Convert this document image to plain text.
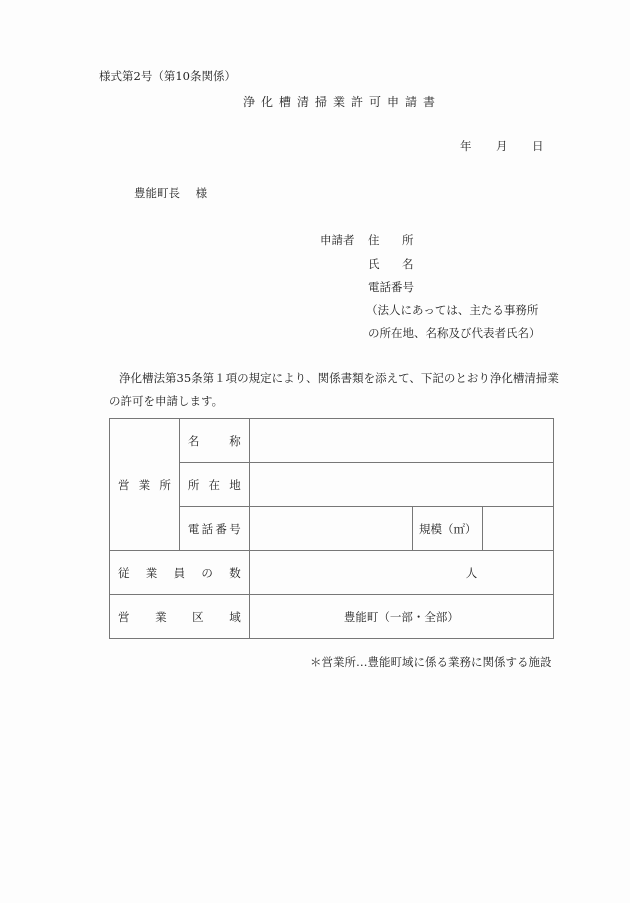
様式第2号（第10条関係）
浄化槽清掃業許可申請書
年 月 日
豊能町長 様
申請者 住 所
氏 名
電話番号
（法人にあっては、主たる事務所
の所在地、名称及び代表者氏名）
浄化槽法第35条第１項の規定により、関係書類を添えて、下記のとおり浄化槽清掃業
の許可を申請します。
営 業 所	名 称			

	所 在 地			

	電 話 番 号		規模（㎡）	

従 業 員 の 数		人		

営 業 区 域		豊能町（一部・全部）		
＊営業所…豊能町域に係る業務に関係する施設
